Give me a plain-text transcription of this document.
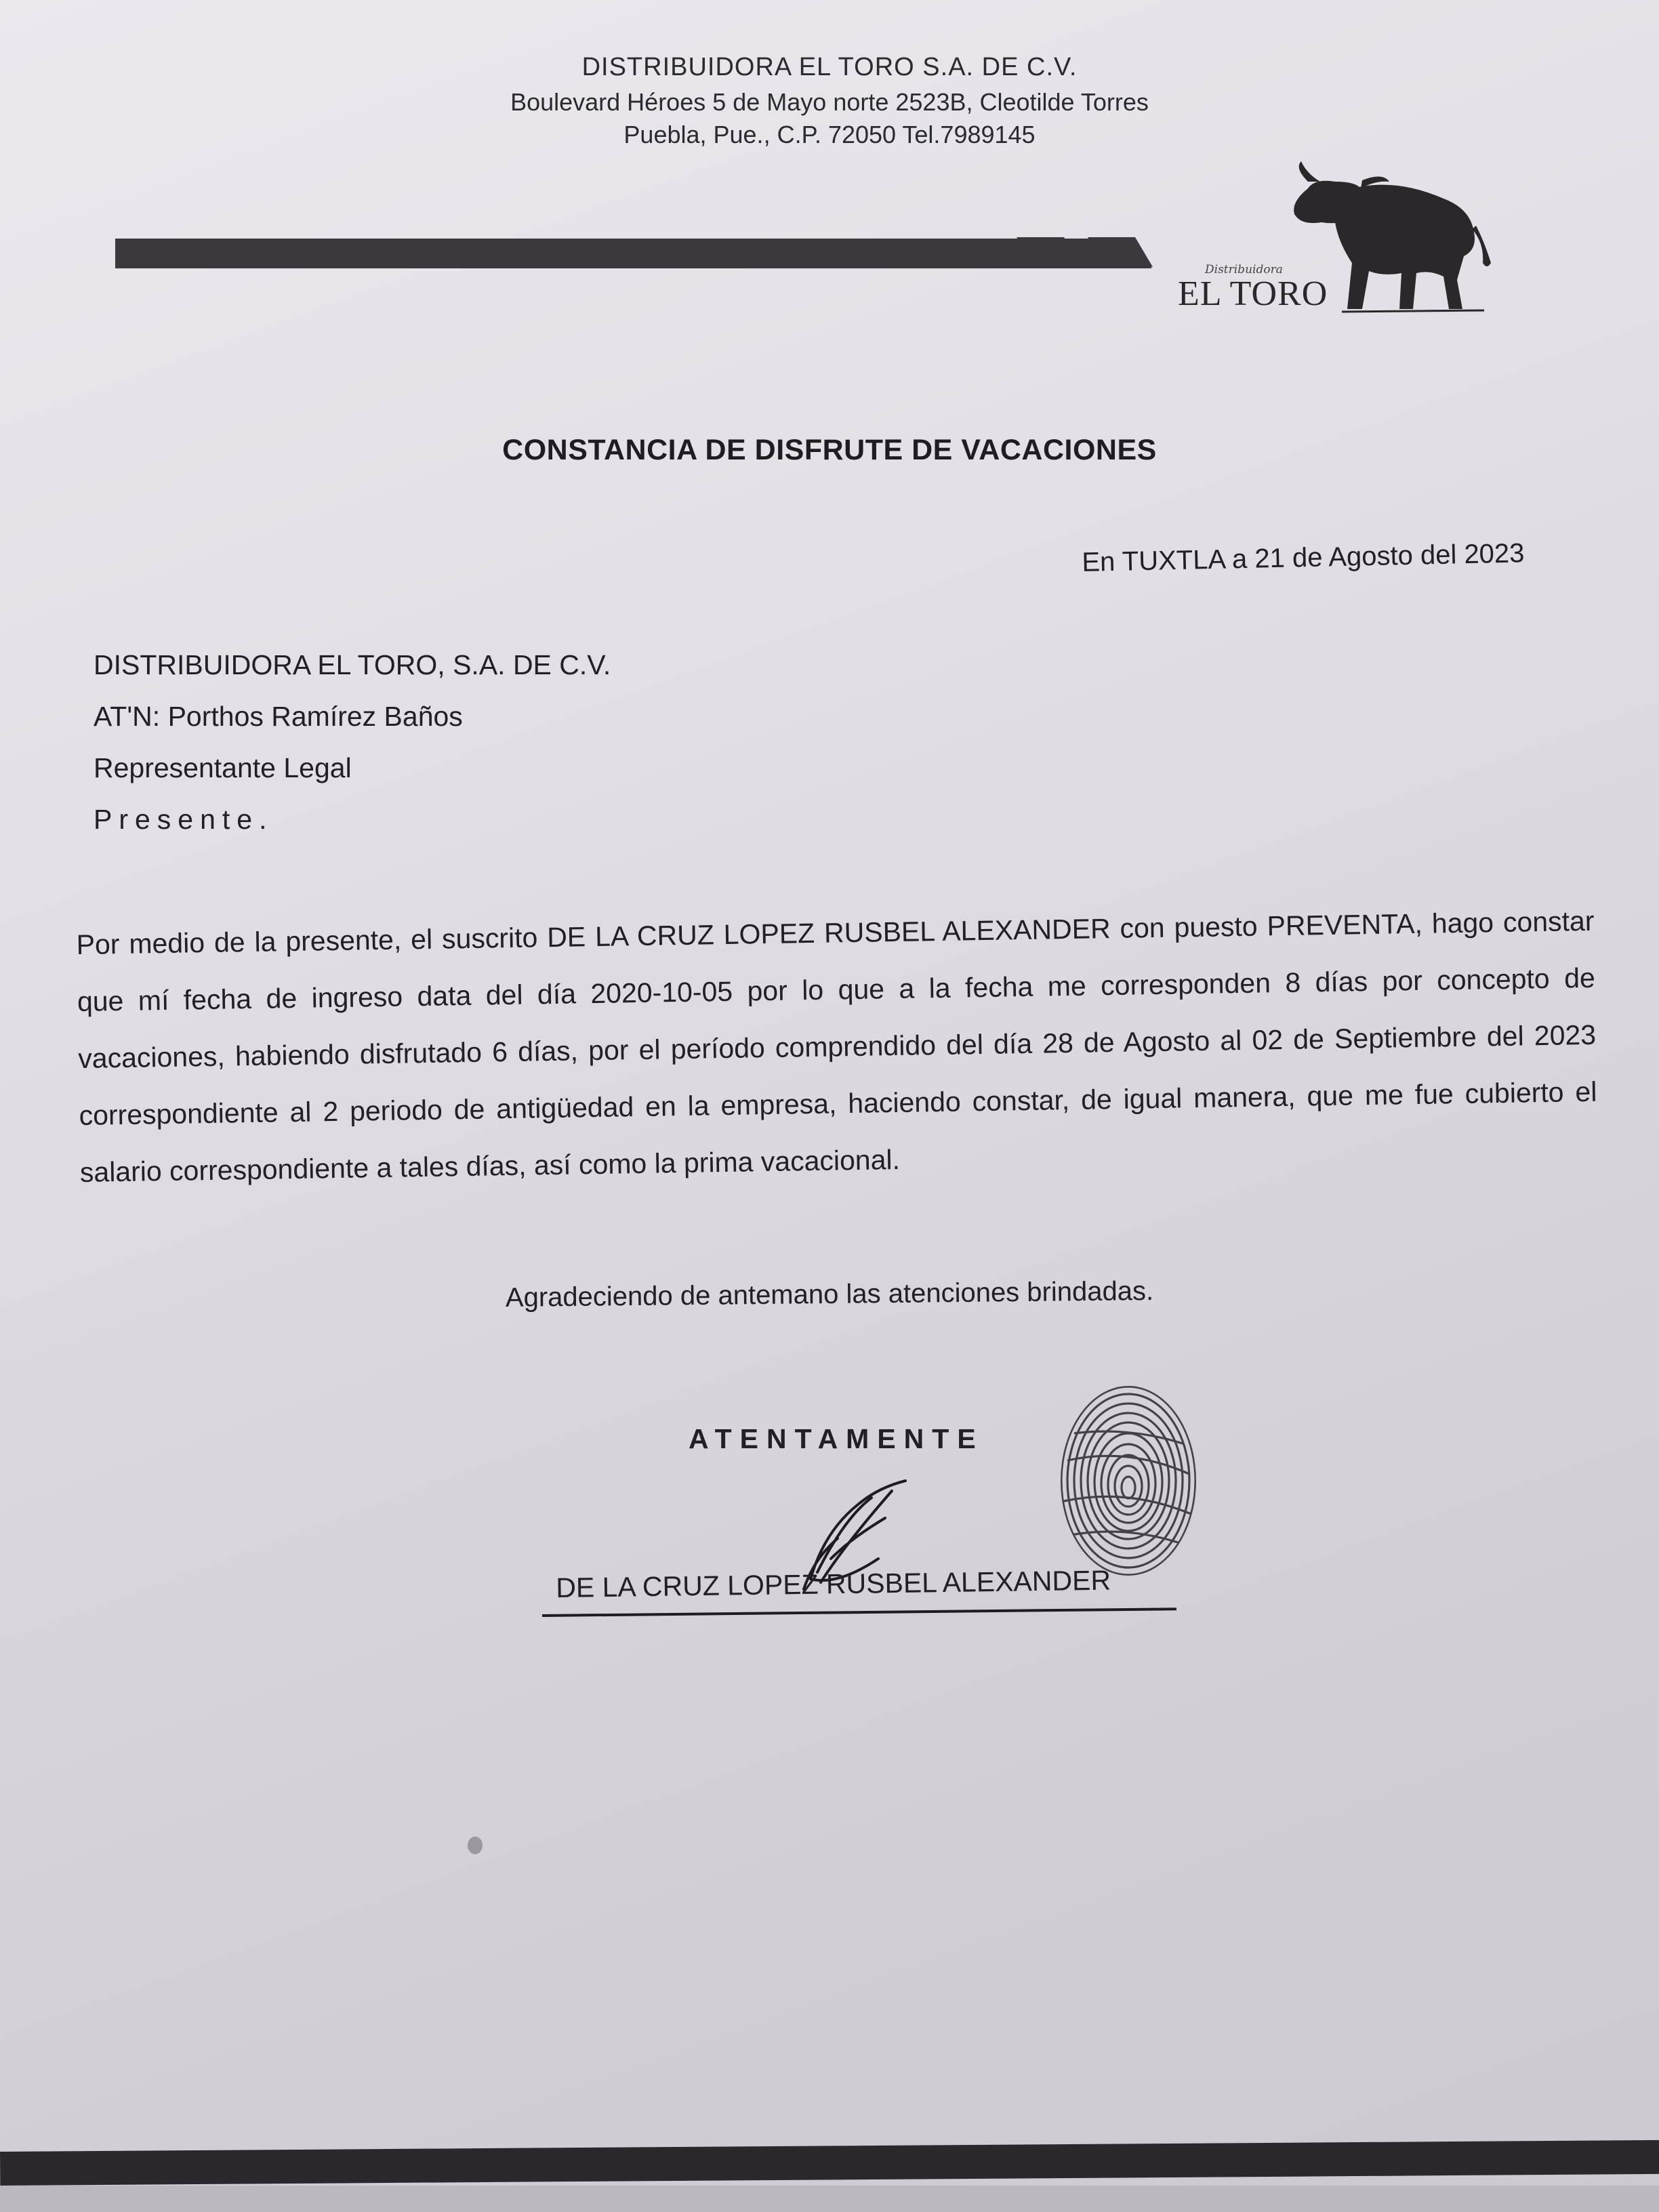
DISTRIBUIDORA EL TORO S.A. DE C.V.
Boulevard Héroes 5 de Mayo norte 2523B, Cleotilde Torres
Puebla, Pue., C.P. 72050 Tel.7989145
Distribuidora
EL TORO
CONSTANCIA DE DISFRUTE DE VACACIONES
En TUXTLA a 21 de Agosto del 2023
DISTRIBUIDORA EL TORO, S.A. DE C.V.
AT'N: Porthos Ramírez Baños
Representante Legal
Presente.
Por medio de la presente, el suscrito DE LA CRUZ LOPEZ RUSBEL ALEXANDER con puesto PREVENTA, hago constar que mí fecha de ingreso data del día 2020-10-05 por lo que a la fecha me corresponden 8 días por concepto de vacaciones, habiendo disfrutado 6 días, por el período comprendido del día 28 de Agosto al 02 de Septiembre del 2023 correspondiente al 2 periodo de antigüedad en la empresa, haciendo constar, de igual manera, que me fue cubierto el salario correspondiente a tales días, así como la prima vacacional.
Agradeciendo de antemano las atenciones brindadas.
ATENTAMENTE
DE LA CRUZ LOPEZ RUSBEL ALEXANDER
